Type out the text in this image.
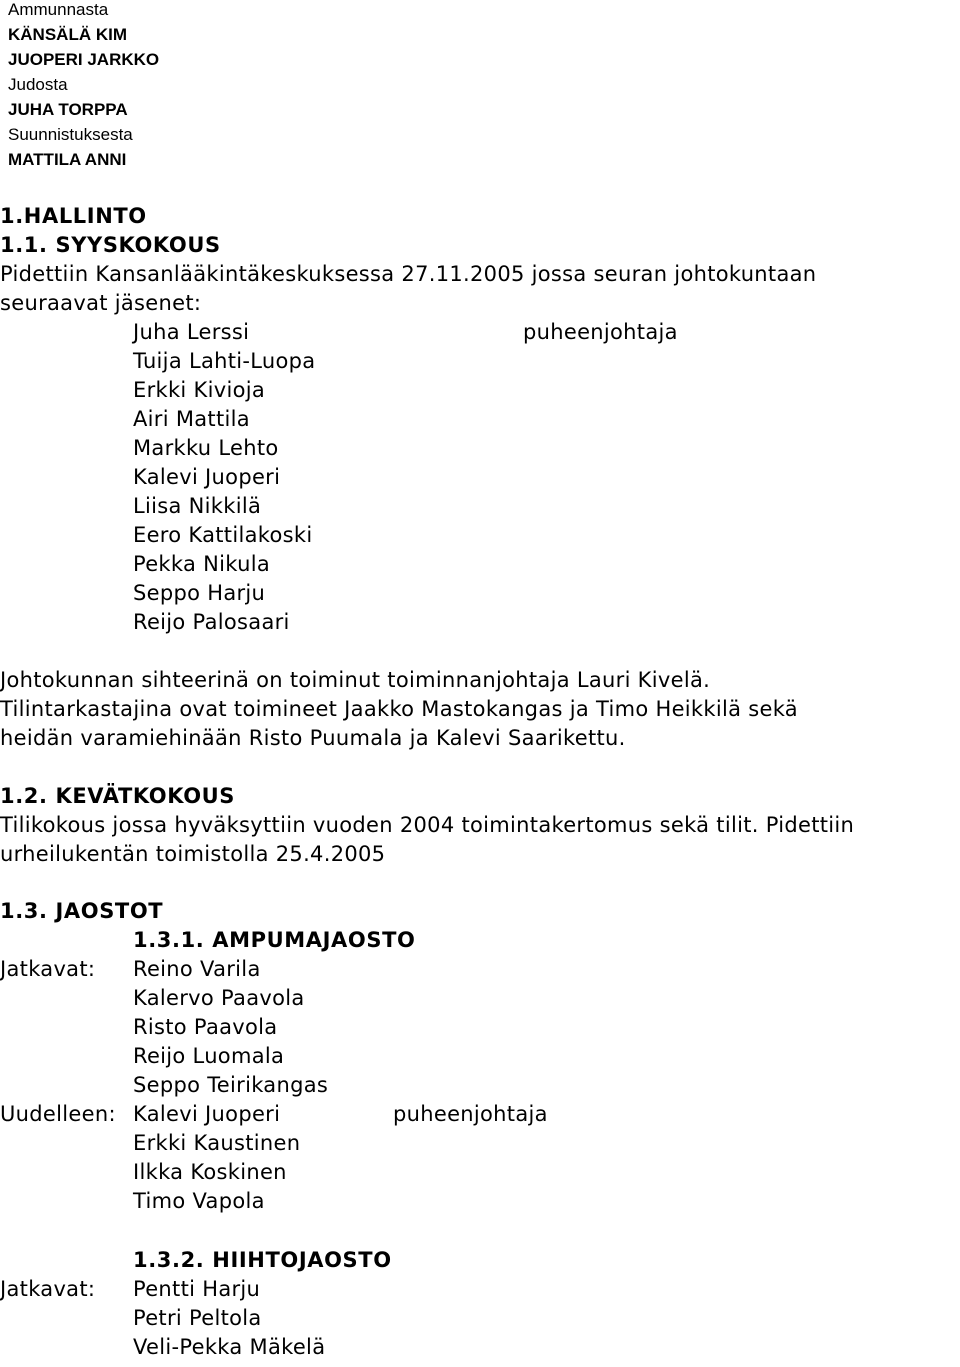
Ammunnasta
KÄNSÄLÄ KIM
JUOPERI JARKKO
Judosta
JUHA TORPPA
Suunnistuksesta
MATTILA ANNI
1.HALLINTO
1.1. SYYSKOKOUS
Pidettiin Kansanlääkintäkeskuksessa 27.11.2005 jossa seuran johtokuntaan
seuraavat jäsenet:
Juha Lerssi	puheenjohtaja
Tuija Lahti-Luopa
Erkki Kivioja
Airi Mattila
Markku Lehto
Kalevi Juoperi
Liisa Nikkilä
Eero Kattilakoski
Pekka Nikula
Seppo Harju
Reijo Palosaari
Johtokunnan sihteerinä on toiminut toiminnanjohtaja Lauri Kivelä.
Tilintarkastajina ovat toimineet Jaakko Mastokangas ja Timo Heikkilä sekä
heidän varamiehinään Risto Puumala ja Kalevi Saarikettu.
1.2. KEVÄTKOKOUS
Tilikokous jossa hyväksyttiin vuoden 2004 toimintakertomus sekä tilit. Pidettiin
urheilukentän toimistolla 25.4.2005
1.3. JAOSTOT
1.3.1. AMPUMAJAOSTO
Jatkavat: Reino Varila
Kalervo Paavola
Risto Paavola
Reijo Luomala
Seppo Teirikangas
Uudelleen: Kalevi Juoperi	puheenjohtaja
Erkki Kaustinen
Ilkka Koskinen
Timo Vapola
1.3.2. HIIHTOJAOSTO
Jatkavat: Pentti Harju
Petri Peltola
Veli-Pekka Mäkelä
